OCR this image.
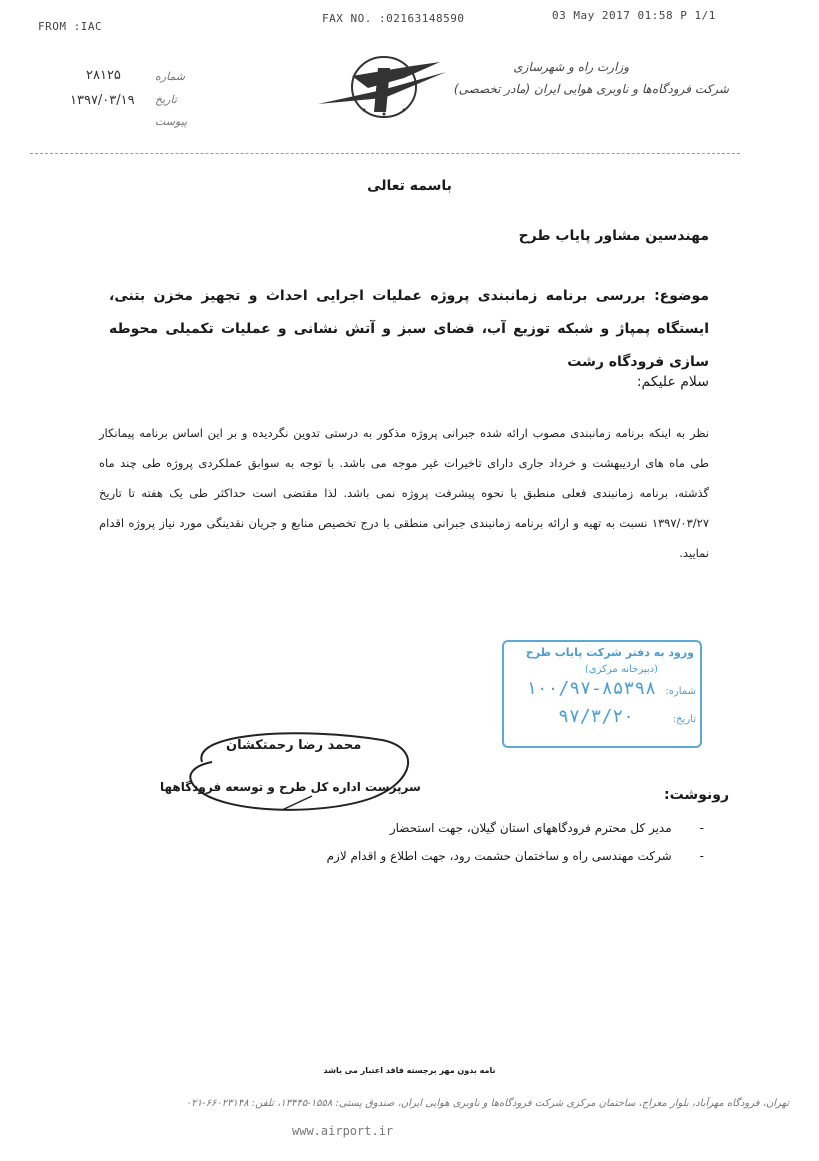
FROM :IAC
FAX NO. :02163148590	03 May 2017 01:58 P 1/1
۲۸۱۲۵
۱۳۹۷/۰۳/۱۹
شماره
تاریخ
پیوست
وزارت راه و شهرسازی
شرکت فرودگاه‌ها و ناوبری هوایی ایران (مادر تخصصی)
باسمه تعالی
مهندسین مشاور پایاب طرح
موضوع: بررسی برنامه زمانبندی پروژه عملیات اجرایی احداث و تجهیز مخزن بتنی، ایستگاه پمپاژ و شبکه توزیع آب، فضای سبز و آتش نشانی و عملیات تکمیلی محوطه سازی فرودگاه رشت
سلام علیکم:
نظر به اینکه برنامه زمانبندی مصوب ارائه شده جبرانی پروژه مذکور به درستی تدوین نگردیده و بر این اساس برنامه پیمانکار طی ماه های اردیبهشت و خرداد جاری دارای تاخیرات غیر موجه می باشد. با توجه به سوابق عملکردی پروژه طی چند ماه گذشته، برنامه زمانبندی فعلی منطبق با نحوه پیشرفت پروژه نمی باشد. لذا مقتضی است حداکثر طی یک هفته تا تاریخ ۱۳۹۷/۰۳/۲۷ نسبت به تهیه و ارائه برنامه زمانبندی جبرانی منطقی با درج تخصیص منابع و جریان نقدینگی مورد نیاز پروژه اقدام نمایید.
ورود به دفتر شرکت پایاب طرح
(دبیرخانه مرکزی)
شماره:
۱۰۰/۹۷-۸۵۳۹۸
تاریخ:
۹۷/۳/۲۰
محمد رضا رحمتکشان
سرپرست اداره کل طرح و توسعه فرودگاهها	رونوشت:
- مدیر کل محترم فرودگاههای استان گیلان، جهت استحضار
- شرکت مهندسی راه و ساختمان حشمت رود، جهت اطلاع و اقدام لازم
نامه بدون مهر برجسته فاقد اعتبار می باشد
تهران، فرودگاه مهرآباد، بلوار معراج، ساختمان مرکزی شرکت فرودگاه‌ها و ناوبری هوایی ایران، صندوق پستی: ۱۵۵۸-۱۳۴۴۵، تلفن: ۶۶۰۲۳۱۴۸-۰۲۱
www.airport.ir
